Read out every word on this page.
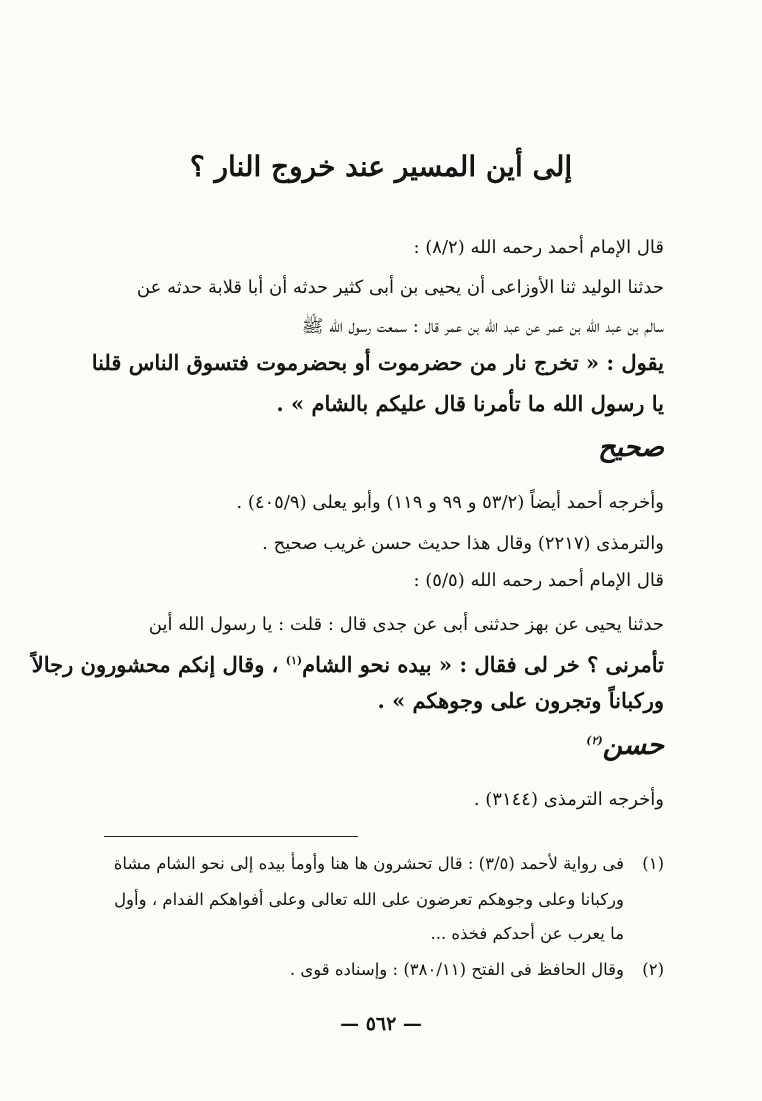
إلى أين المسير عند خروج النار ؟
قال الإمام أحمد رحمه الله (٨/٢) :
حدثنا الوليد ثنا الأوزاعى أن يحيى بن أبى كثير حدثه أن أبا قلابة حدثه عن
سالم بن عبد الله بن عمر عن عبد الله بن عمر قال : سمعت رسول الله ﷺ
يقول : « تخرج نار من حضرموت أو بحضرموت فتسوق الناس قلنا
يا رسول الله ما تأمرنا قال عليكم بالشام » .
صحيح
وأخرجه أحمد أيضاً (٥٣/٢ و ٩٩ و ١١٩) وأبو يعلى (٤٠٥/٩) .
والترمذى (٢٢١٧) وقال هذا حديث حسن غريب صحيح .
قال الإمام أحمد رحمه الله (٥/٥) :
حدثنا يحيى عن بهز حدثنى أبى عن جدى قال : قلت : يا رسول الله أين
تأمرنى ؟ خر لى فقال : « بيده نحو الشام$^{(١)}$ ، وقال إنكم محشورون رجالاً
وركباناً وتجرون على وجوهكم » .
حسن$^{(٢)}$
وأخرجه الترمذى (٣١٤٤) .
(١)فى رواية لأحمد (٣/٥) : قال تحشرون ها هنا وأومأ بيده إلى نحو الشام مشاة
وركبانا وعلى وجوهكم تعرضون على الله تعالى وعلى أفواهكم الفدام ، وأول
ما يعرب عن أحدكم فخذه ...
(٢)وقال الحافظ فى الفتح (٣٨٠/١١) : وإسناده قوى .
— ٥٦٢ —
